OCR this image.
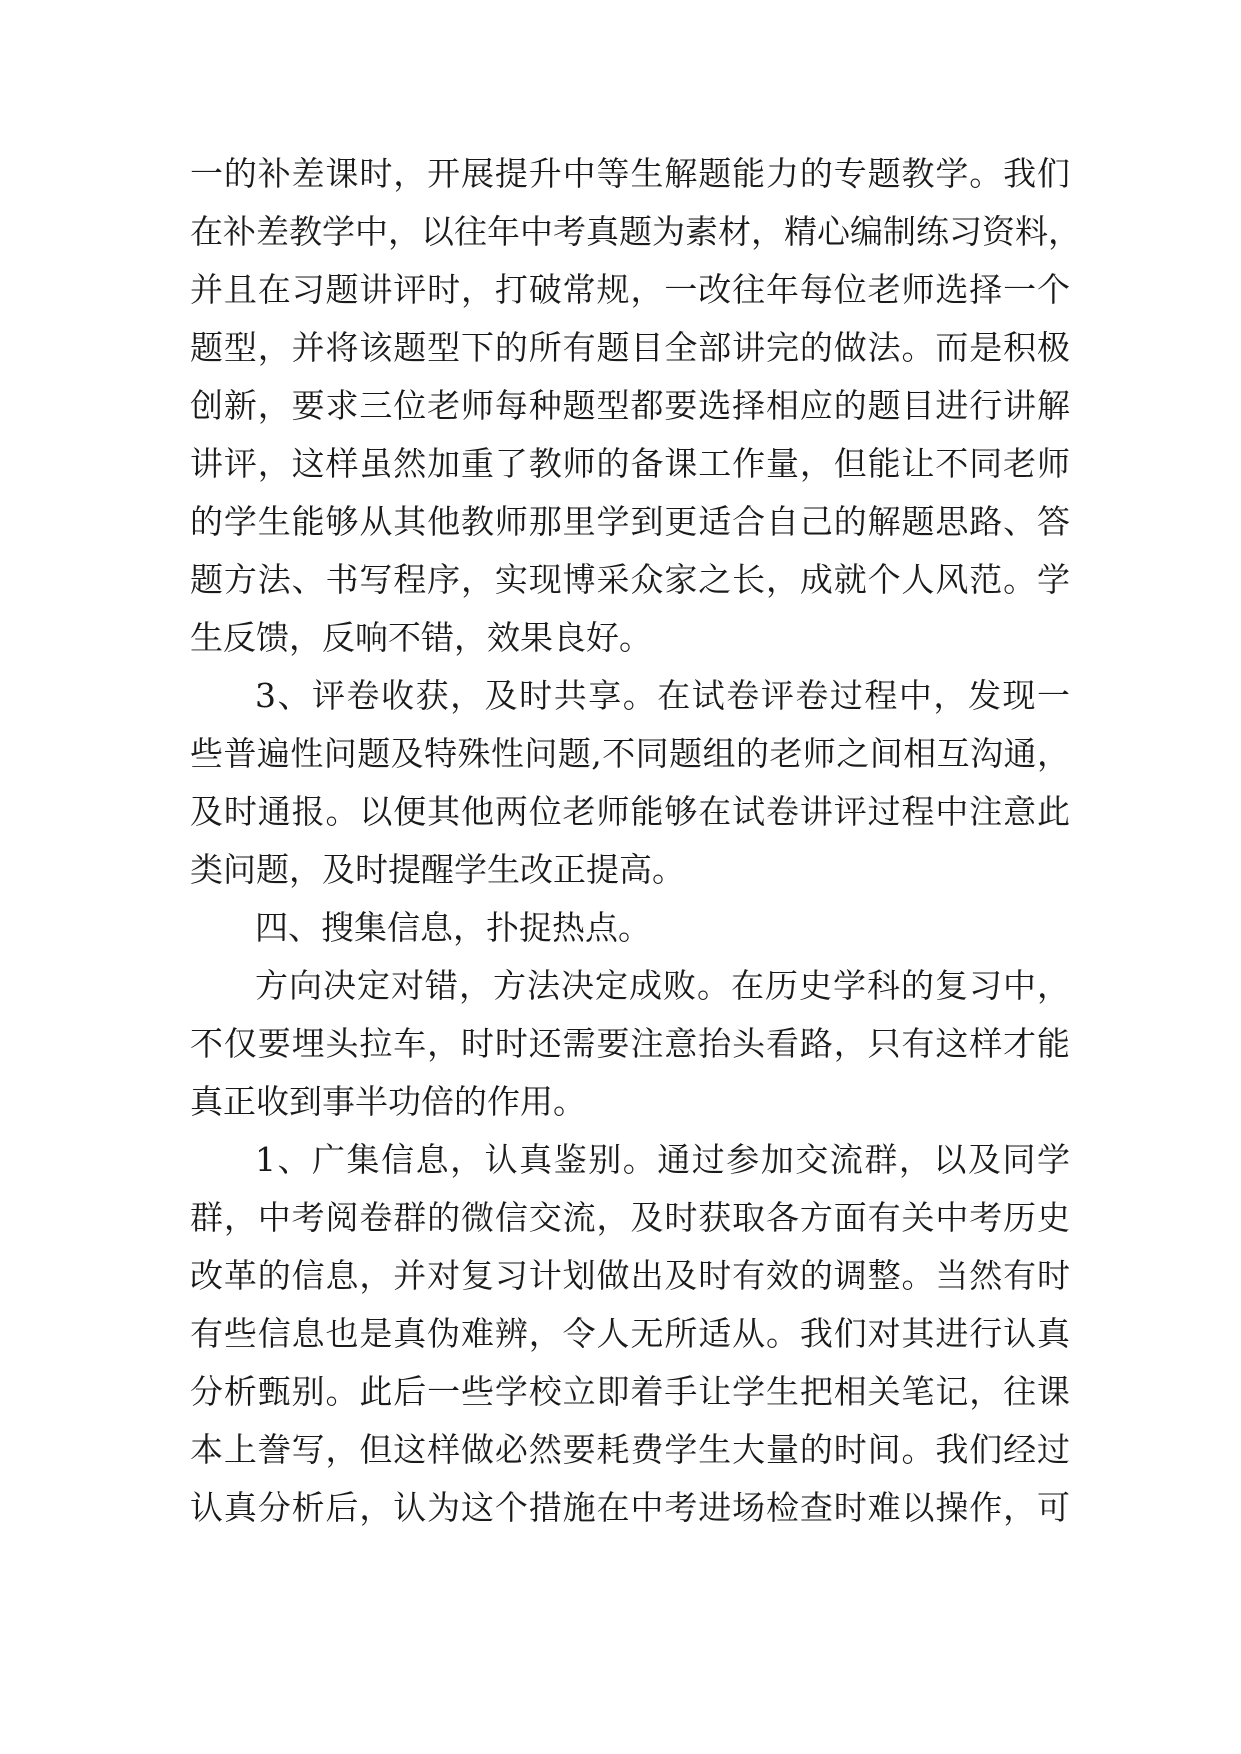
一的补差课时，开展提升中等生解题能力的专题教学。我们
在补差教学中，以往年中考真题为素材，精心编制练习资料，
并且在习题讲评时，打破常规，一改往年每位老师选择一个
题型，并将该题型下的所有题目全部讲完的做法。而是积极
创新，要求三位老师每种题型都要选择相应的题目进行讲解
讲评，这样虽然加重了教师的备课工作量，但能让不同老师
的学生能够从其他教师那里学到更适合自己的解题思路、答
题方法、书写程序，实现博采众家之长，成就个人风范。学
生反馈，反响不错，效果良好。
3、评卷收获，及时共享。在试卷评卷过程中，发现一
些普遍性问题及特殊性问题,不同题组的老师之间相互沟通，
及时通报。以便其他两位老师能够在试卷讲评过程中注意此
类问题，及时提醒学生改正提高。
四、搜集信息，扑捉热点。
方向决定对错，方法决定成败。在历史学科的复习中，
不仅要埋头拉车，时时还需要注意抬头看路，只有这样才能
真正收到事半功倍的作用。
1、广集信息，认真鉴别。通过参加交流群，以及同学
群，中考阅卷群的微信交流，及时获取各方面有关中考历史
改革的信息，并对复习计划做出及时有效的调整。当然有时
有些信息也是真伪难辨，令人无所适从。我们对其进行认真
分析甄别。此后一些学校立即着手让学生把相关笔记，往课
本上誊写，但这样做必然要耗费学生大量的时间。我们经过
认真分析后，认为这个措施在中考进场检查时难以操作，可
